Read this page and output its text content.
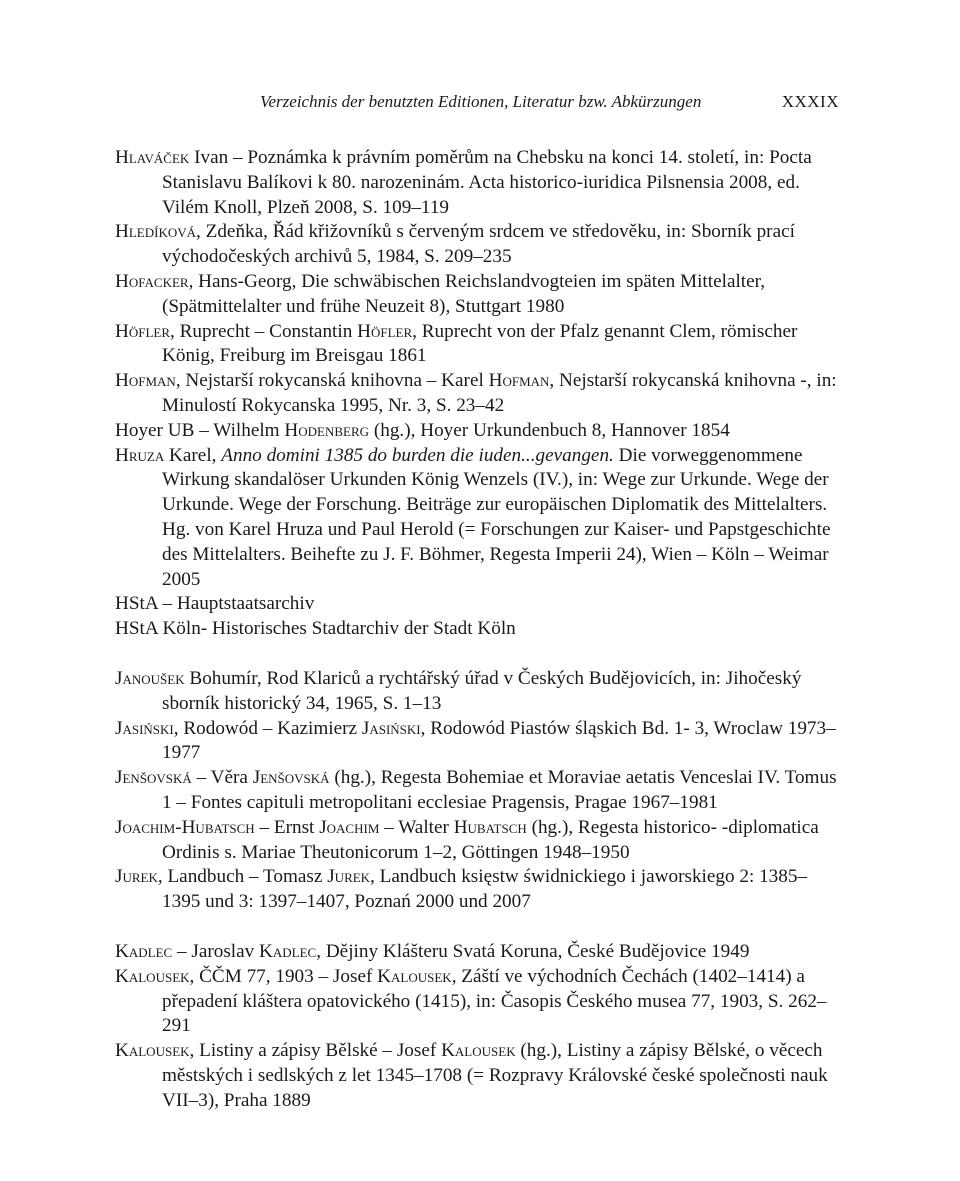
Verzeichnis der benutzten Editionen, Literatur bzw. Abkürzungen	XXXIX

Hlaváček Ivan – Poznámka k právním poměrům na Chebsku na konci 14. století, in: Pocta Stanislavu Balíkovi k 80. narozeninám. Acta historico-iuridica Pilsnensia 2008, ed. Vilém Knoll, Plzeň 2008, S. 109–119

Hledíková, Zdeňka, Řád křižovníků s červeným srdcem ve středověku, in: Sborník prací východočeských archivů 5, 1984, S. 209–235

Hofacker, Hans-Georg, Die schwäbischen Reichslandvogteien im späten Mittelalter, (Spätmittelalter und frühe Neuzeit 8), Stuttgart 1980

Höfler, Ruprecht – Constantin Höfler, Ruprecht von der Pfalz genannt Clem, römischer König, Freiburg im Breisgau 1861

Hofman, Nejstarší rokycanská knihovna – Karel Hofman, Nejstarší rokycanská knihovna -, in: Minulostí Rokycanska 1995, Nr. 3, S. 23–42

Hoyer UB – Wilhelm Hodenberg (hg.), Hoyer Urkundenbuch 8, Hannover 1854

Hruza Karel, Anno domini 1385 do burden die iuden...gevangen. Die vorweggenommene Wirkung skandalöser Urkunden König Wenzels (IV.), in: Wege zur Urkunde. Wege der Urkunde. Wege der Forschung. Beiträge zur europäischen Diplomatik des Mittelalters. Hg. von Karel Hruza und Paul Herold (= Forschungen zur Kaiser- und Papstgeschichte des Mittelalters. Beihefte zu J. F. Böhmer, Regesta Imperii 24), Wien – Köln – Weimar 2005

HStA – Hauptstaatsarchiv

HStA Köln- Historisches Stadtarchiv der Stadt Köln

Janoušek Bohumír, Rod Klariců a rychtářský úřad v Českých Budějovicích, in: Jihočeský sborník historický 34, 1965, S. 1–13

Jasiński, Rodowód – Kazimierz Jasiński, Rodowód Piastów śląskich Bd. 1- 3, Wroclaw 1973–1977

Jenšovská – Věra Jenšovská (hg.), Regesta Bohemiae et Moraviae aetatis Venceslai IV. Tomus 1 – Fontes capituli metropolitani ecclesiae Pragensis, Pragae 1967–1981

Joachim-Hubatsch – Ernst Joachim – Walter Hubatsch (hg.), Regesta historico- -diplomatica Ordinis s. Mariae Theutonicorum 1–2, Göttingen 1948–1950

Jurek, Landbuch – Tomasz Jurek, Landbuch księstw świdnickiego i jaworskiego 2: 1385–1395 und 3: 1397–1407, Poznań 2000 und 2007

Kadlec – Jaroslav Kadlec, Dějiny Klášteru Svatá Koruna, České Budějovice 1949

Kalousek, ČČM 77, 1903 – Josef Kalousek, Záští ve východních Čechách (1402–1414) a přepadení kláštera opatovického (1415), in: Časopis Českého musea 77, 1903, S. 262–291

Kalousek, Listiny a zápisy Bělské – Josef Kalousek (hg.), Listiny a zápisy Bělské, o věcech městských i sedlských z let 1345–1708 (= Rozpravy Královské české společnosti nauk VII–3), Praha 1889
